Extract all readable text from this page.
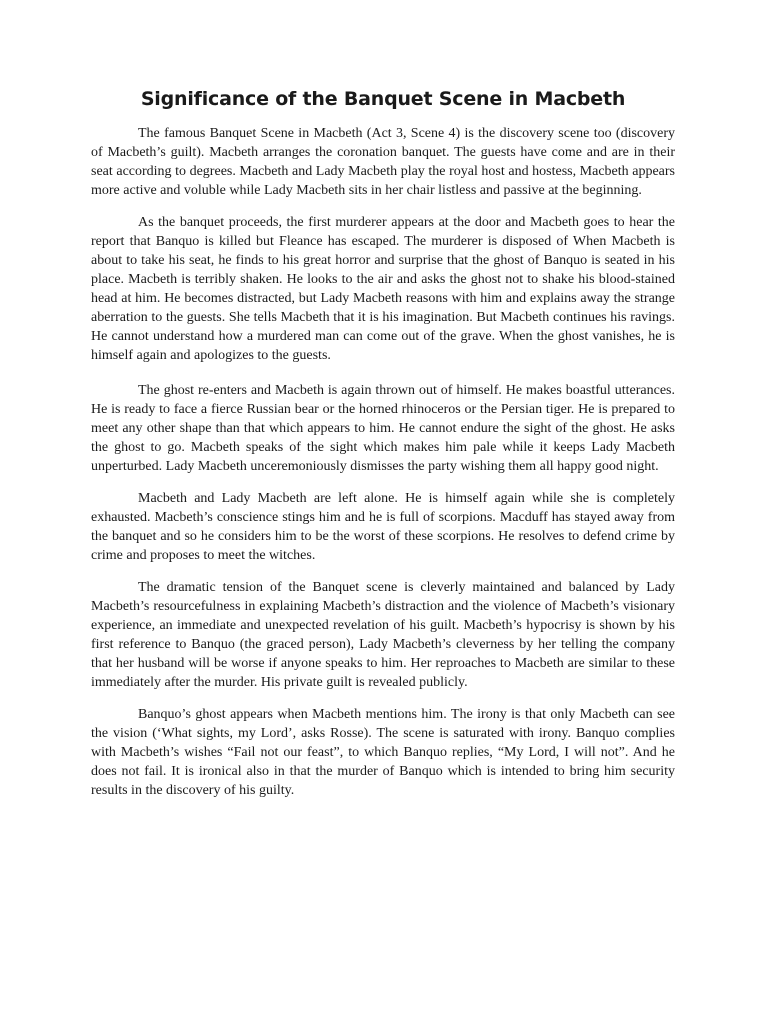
Significance of the Banquet Scene in Macbeth

The famous Banquet Scene in Macbeth (Act 3, Scene 4) is the discovery scene too (discovery of Macbeth’s guilt). Macbeth arranges the coronation banquet. The guests have come and are in their seat according to degrees. Macbeth and Lady Macbeth play the royal host and hostess, Macbeth appears more active and voluble while Lady Macbeth sits in her chair listless and passive at the beginning.

As the banquet proceeds, the first murderer appears at the door and Macbeth goes to hear the report that Banquo is killed but Fleance has escaped. The murderer is disposed of When Macbeth is about to take his seat, he finds to his great horror and surprise that the ghost of Banquo is seated in his place. Macbeth is terribly shaken. He looks to the air and asks the ghost not to shake his blood-stained head at him. He becomes distracted, but Lady Macbeth reasons with him and explains away the strange aberration to the guests. She tells Macbeth that it is his imagination. But Macbeth continues his ravings. He cannot understand how a murdered man can come out of the grave. When the ghost vanishes, he is himself again and apologizes to the guests.

The ghost re-enters and Macbeth is again thrown out of himself. He makes boastful utterances. He is ready to face a fierce Russian bear or the horned rhinoceros or the Persian tiger. He is prepared to meet any other shape than that which appears to him. He cannot endure the sight of the ghost. He asks the ghost to go. Macbeth speaks of the sight which makes him pale while it keeps Lady Macbeth unperturbed. Lady Macbeth unceremoniously dismisses the party wishing them all happy good night.

Macbeth and Lady Macbeth are left alone. He is himself again while she is completely exhausted. Macbeth’s conscience stings him and he is full of scorpions. Macduff has stayed away from the banquet and so he considers him to be the worst of these scorpions. He resolves to defend crime by crime and proposes to meet the witches.

The dramatic tension of the Banquet scene is cleverly maintained and balanced by Lady Macbeth’s resourcefulness in explaining Macbeth’s distraction and the violence of Macbeth’s visionary experience, an immediate and unexpected revelation of his guilt. Macbeth’s hypocrisy is shown by his first reference to Banquo (the graced person), Lady Macbeth’s cleverness by her telling the company that her husband will be worse if anyone speaks to him. Her reproaches to Macbeth are similar to these immediately after the murder. His private guilt is revealed publicly.

Banquo’s ghost appears when Macbeth mentions him. The irony is that only Macbeth can see the vision (‘What sights, my Lord’, asks Rosse). The scene is saturated with irony. Banquo complies with Macbeth’s wishes “Fail not our feast”, to which Banquo replies, “My Lord, I will not”. And he does not fail. It is ironical also in that the murder of Banquo which is intended to bring him security results in the discovery of his guilty.
